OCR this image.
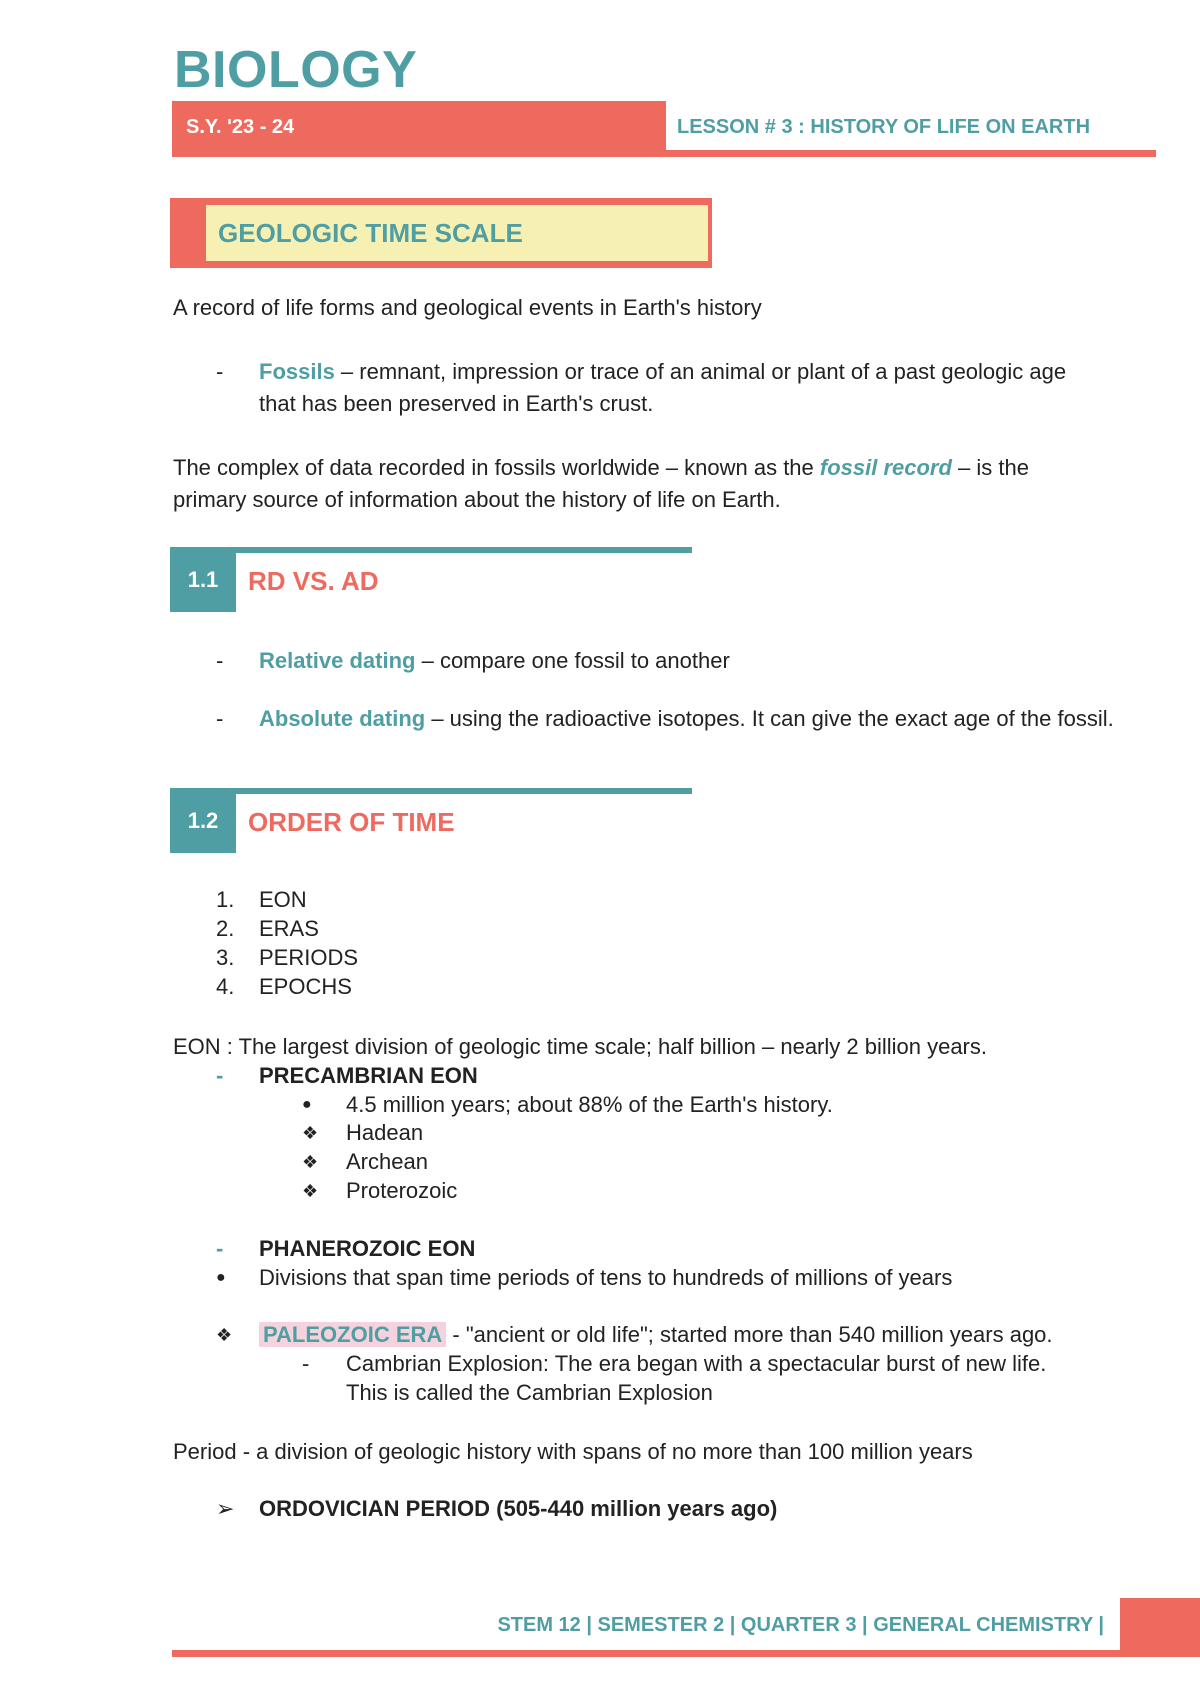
BIOLOGY
S.Y. '23 - 24	LESSON # 3 : HISTORY OF LIFE ON EARTH
GEOLOGIC TIME SCALE
A record of life forms and geological events in Earth's history
- Fossils – remnant, impression or trace of an animal or plant of a past geologic age
that has been preserved in Earth's crust.
The complex of data recorded in fossils worldwide – known as the fossil record – is the
primary source of information about the history of life on Earth.
1.1	RD VS. AD
- Relative dating – compare one fossil to another
- Absolute dating – using the radioactive isotopes. It can give the exact age of the fossil.
1.2	ORDER OF TIME
1. EON
2. ERAS
3. PERIODS
4. EPOCHS
EON : The largest division of geologic time scale; half billion – nearly 2 billion years.
- PRECAMBRIAN EON
● 4.5 million years; about 88% of the Earth's history.
❖ Hadean
❖ Archean
❖ Proterozoic
- PHANEROZOIC EON
● Divisions that span time periods of tens to hundreds of millions of years
❖ PALEOZOIC ERA - "ancient or old life"; started more than 540 million years ago.
- Cambrian Explosion: The era began with a spectacular burst of new life.
This is called the Cambrian Explosion
Period - a division of geologic history with spans of no more than 100 million years
➢ ORDOVICIAN PERIOD (505-440 million years ago)
STEM 12 | SEMESTER 2 | QUARTER 3 | GENERAL CHEMISTRY |
